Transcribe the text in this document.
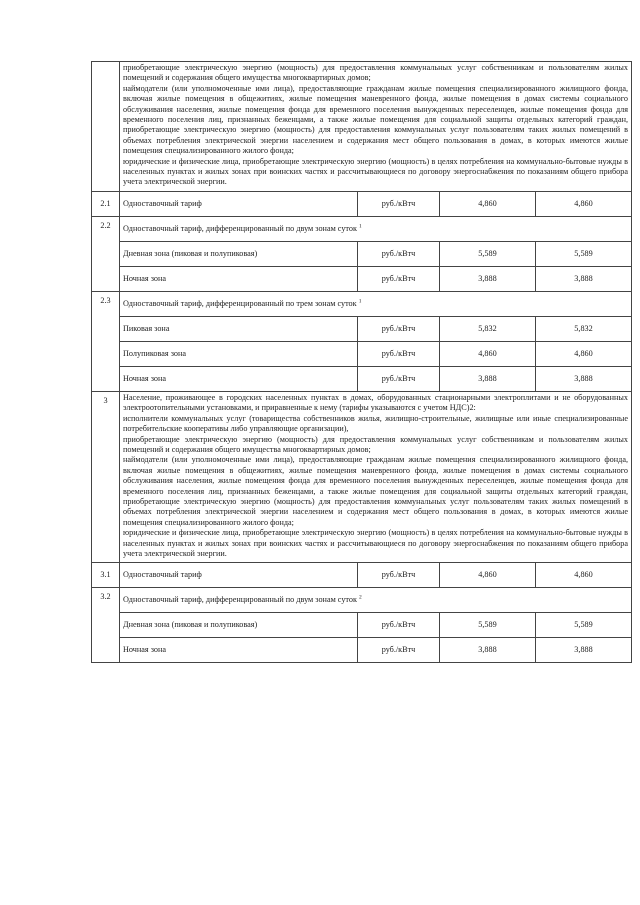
	приобретающие электрическую энергию (мощность) для предоставления коммунальных услуг собственникам и пользователям жилых помещений и содержания общего имущества многоквартирных домов;

наймодатели (или уполномоченные ими лица), предоставляющие гражданам жилые помещения специализированного жилищного фонда, включая жилые помещения в общежитиях, жилые помещения маневренного фонда, жилые помещения в домах системы социального обслуживания населения, жилые помещения фонда для временного поселения вынужденных переселенцев, жилые помещения фонда для временного поселения лиц, признанных беженцами, а также жилые помещения для социальной защиты отдельных категорий граждан, приобретающие электрическую энергию (мощность) для предоставления коммунальных услуг пользователям таких жилых помещений в объемах потребления электрической энергии населением и содержания мест общего пользования в домах, в которых имеются жилые помещения специализированного жилого фонда;

юридические и физические лица, приобретающие электрическую энергию (мощность) в целях потребления на коммунально-бытовые нужды в населенных пунктах и жилых зонах при воинских частях и рассчитывающиеся по договору энергоснабжения по показаниям общего прибора учета электрической энергии.			

2.1	Одноставочный тариф	руб./кВтч	4,860	4,860
2.2	Одноставочный тариф, дифференцированный по двум зонам суток $^1$
	Дневная зона (пиковая и полупиковая)	руб./кВтч	5,589	5,589
	Ночная зона	руб./кВтч	3,888	3,888
2.3	Одноставочный тариф, дифференцированный по трем зонам суток $^1$
	Пиковая зона	руб./кВтч	5,832	5,832
	Полупиковая зона	руб./кВтч	4,860	4,860
	Ночная зона	руб./кВтч	3,888	3,888
3	Население, проживающее в городских населенных пунктах в домах, оборудованных стационарными электроплитами и не оборудованных электроотопительными установками, и приравненные к нему (тарифы указываются с учетом НДС)2:

исполнители коммунальных услуг (товарищества собственников жилья, жилищно-строительные, жилищные или иные специализированные потребительские кооперативы либо управляющие организации),

приобретающие электрическую энергию (мощность) для предоставления коммунальных услуг собственникам и пользователям жилых помещений и содержания общего имущества многоквартирных домов;

наймодатели (или уполномоченные ими лица), предоставляющие гражданам жилые помещения специализированного жилищного фонда, включая жилые помещения в общежитиях, жилые помещения маневренного фонда, жилые помещения в домах системы социального обслуживания населения, жилые помещения фонда для временного поселения вынужденных переселенцев, жилые помещения фонда для временного поселения лиц, признанных беженцами, а также жилые помещения для социальной защиты отдельных категорий граждан, приобретающие электрическую энергию (мощность) для предоставления коммунальных услуг пользователям таких жилых помещений в объемах потребления электрической энергии населением и содержания мест общего пользования в домах, в которых имеются жилые помещения специализированного жилого фонда;

юридические и физические лица, приобретающие электрическую энергию (мощность) в целях потребления на коммунально-бытовые нужды в населенных пунктах и жилых зонах при воинских частях и рассчитывающиеся по договору энергоснабжения по показаниям общего прибора учета электрической энергии.			

3.1	Одноставочный тариф	руб./кВтч	4,860	4,860
3.2	Одноставочный тариф, дифференцированный по двум зонам суток $^2$
	Дневная зона (пиковая и полупиковая)	руб./кВтч	5,589	5,589
	Ночная зона	руб./кВтч	3,888	3,888
